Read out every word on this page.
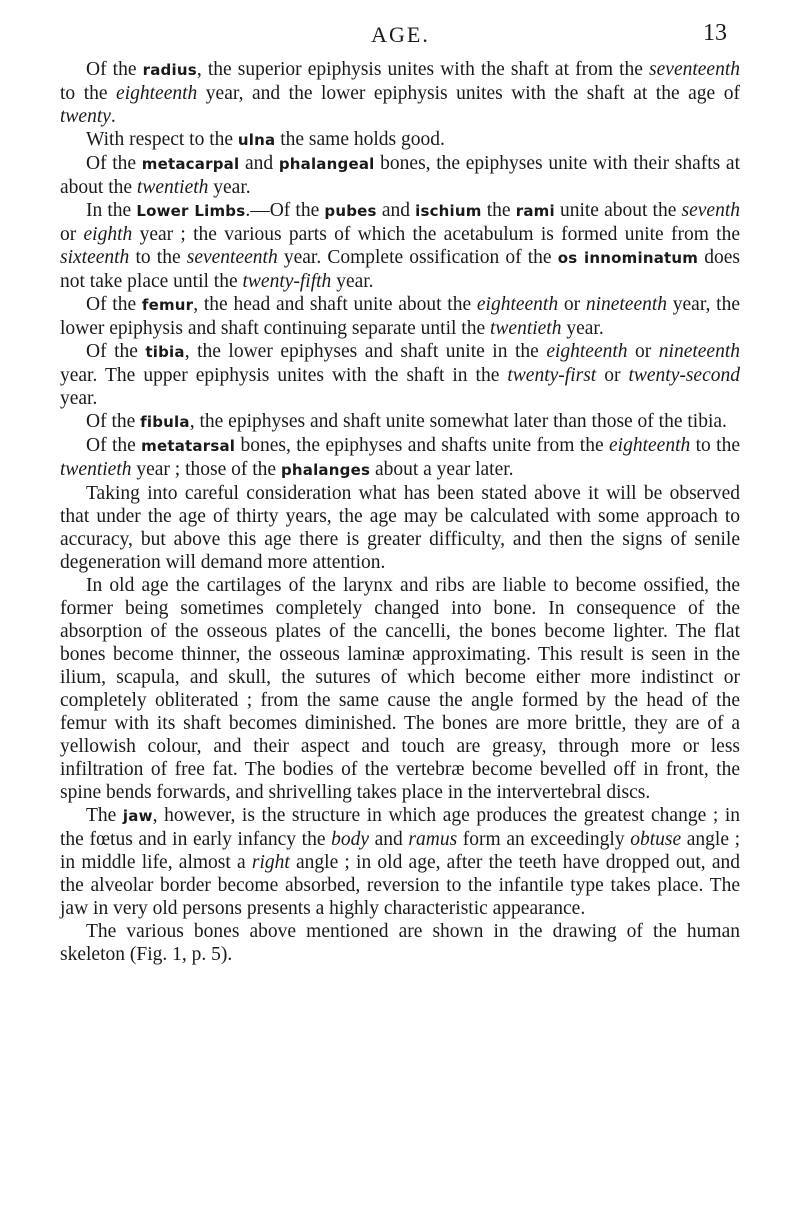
AGE.	13

Of the radius, the superior epiphysis unites with the shaft at from the seventeenth to the eighteenth year, and the lower epiphysis unites with the shaft at the age of twenty.

With respect to the ulna the same holds good.

Of the metacarpal and phalangeal bones, the epiphyses unite with their shafts at about the twentieth year.

In the Lower Limbs.—Of the pubes and ischium the rami unite about the seventh or eighth year ; the various parts of which the acetabulum is formed unite from the sixteenth to the seventeenth year. Complete ossification of the os innominatum does not take place until the twenty-fifth year.

Of the femur, the head and shaft unite about the eighteenth or nineteenth year, the lower epiphysis and shaft continuing separate until the twentieth year.

Of the tibia, the lower epiphyses and shaft unite in the eighteenth or nineteenth year. The upper epiphysis unites with the shaft in the twenty-first or twenty-second year.

Of the fibula, the epiphyses and shaft unite somewhat later than those of the tibia.

Of the metatarsal bones, the epiphyses and shafts unite from the eighteenth to the twentieth year ; those of the phalanges about a year later.

Taking into careful consideration what has been stated above it will be observed that under the age of thirty years, the age may be calculated with some approach to accuracy, but above this age there is greater difficulty, and then the signs of senile degeneration will demand more attention.

In old age the cartilages of the larynx and ribs are liable to become ossified, the former being sometimes completely changed into bone. In consequence of the absorption of the osseous plates of the cancelli, the bones become lighter. The flat bones become thinner, the osseous laminæ approximating. This result is seen in the ilium, scapula, and skull, the sutures of which become either more indistinct or completely obliterated ; from the same cause the angle formed by the head of the femur with its shaft becomes diminished. The bones are more brittle, they are of a yellowish colour, and their aspect and touch are greasy, through more or less infiltration of free fat. The bodies of the vertebræ become bevelled off in front, the spine bends forwards, and shrivelling takes place in the intervertebral discs.

The jaw, however, is the structure in which age produces the greatest change ; in the fœtus and in early infancy the body and ramus form an exceedingly obtuse angle ; in middle life, almost a right angle ; in old age, after the teeth have dropped out, and the alveolar border become absorbed, reversion to the infantile type takes place. The jaw in very old persons presents a highly characteristic appearance.

The various bones above mentioned are shown in the drawing of the human skeleton (Fig. 1, p. 5).
